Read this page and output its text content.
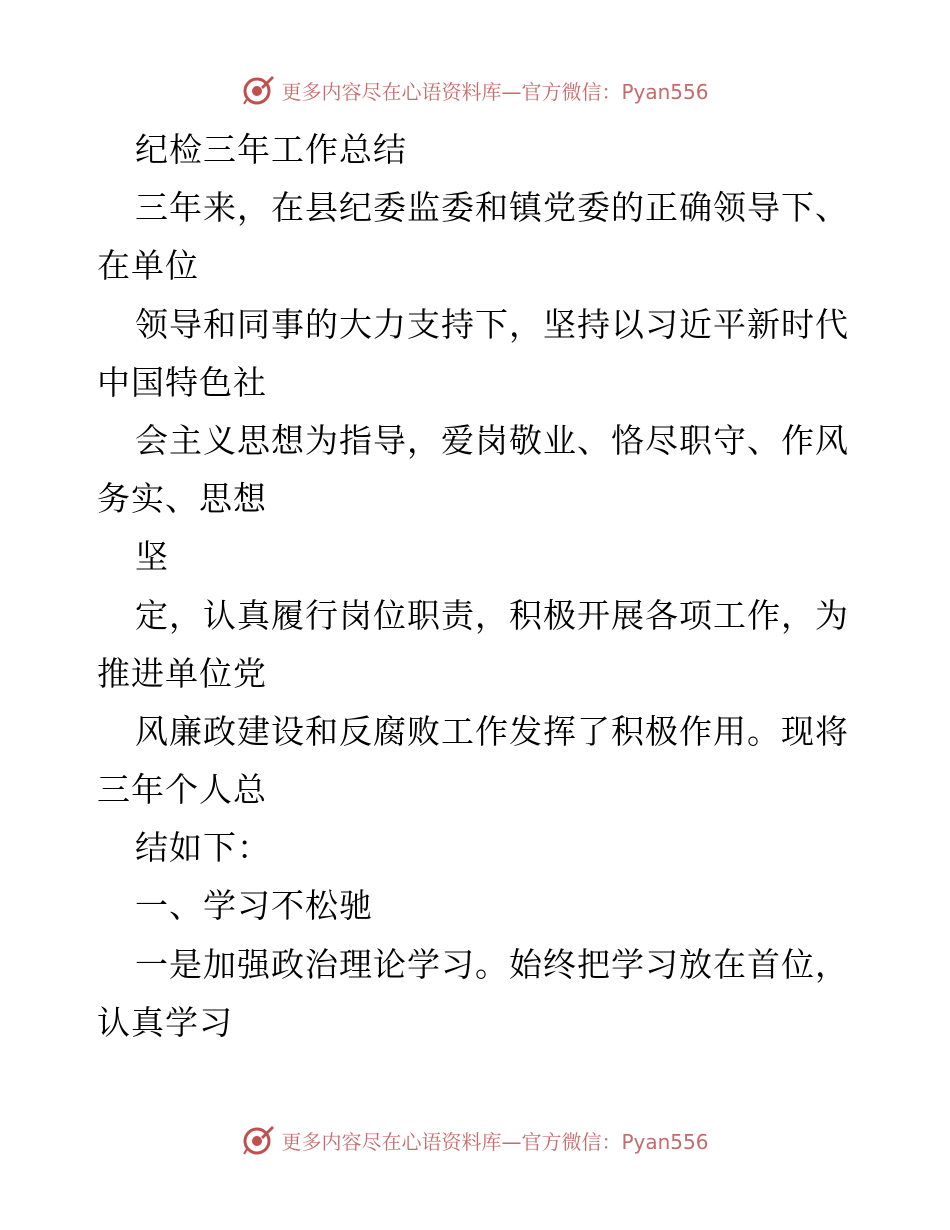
更多内容尽在心语资料库—官方微信：Pyan556

纪检三年工作总结

三年来，在县纪委监委和镇党委的正确领导下、

在单位

领导和同事的大力支持下，坚持以习近平新时代

中国特色社

会主义思想为指导，爱岗敬业、恪尽职守、作风

务实、思想

坚

定，认真履行岗位职责，积极开展各项工作，为

推进单位党

风廉政建设和反腐败工作发挥了积极作用。现将

三年个人总

结如下：

一、学习不松驰

一是加强政治理论学习。始终把学习放在首位，

认真学习

更多内容尽在心语资料库—官方微信：Pyan556
